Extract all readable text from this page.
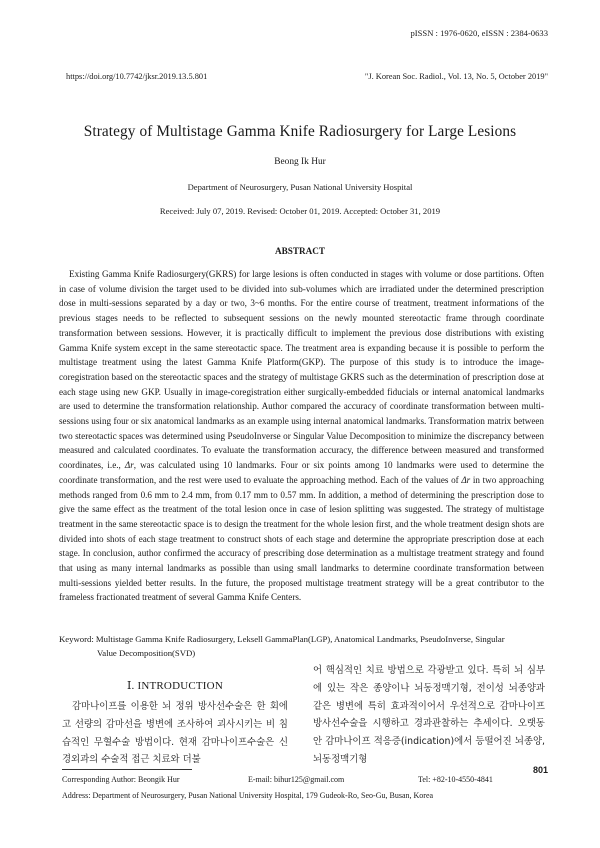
pISSN : 1976-0620, eISSN : 2384-0633
https://doi.org/10.7742/jksr.2019.13.5.801	"J. Korean Soc. Radiol., Vol. 13, No. 5, October 2019"
Strategy of Multistage Gamma Knife Radiosurgery for Large Lesions
Beong Ik Hur
Department of Neurosurgery, Pusan National University Hospital
Received: July 07, 2019. Revised: October 01, 2019. Accepted: October 31, 2019
ABSTRACT

Existing Gamma Knife Radiosurgery(GKRS) for large lesions is often conducted in stages with volume or dose partitions. Often in case of volume division the target used to be divided into sub-volumes which are irradiated under the determined prescription dose in multi-sessions separated by a day or two, 3~6 months. For the entire course of treatment, treatment informations of the previous stages needs to be reflected to subsequent sessions on the newly mounted stereotactic frame through coordinate transformation between sessions. However, it is practically difficult to implement the previous dose distributions with existing Gamma Knife system except in the same stereotactic space. The treatment area is expanding because it is possible to perform the multistage treatment using the latest Gamma Knife Platform(GKP). The purpose of this study is to introduce the image-coregistration based on the stereotactic spaces and the strategy of multistage GKRS such as the determination of prescription dose at each stage using new GKP. Usually in image-coregistration either surgically-embedded fiducials or internal anatomical landmarks are used to determine the transformation relationship. Author compared the accuracy of coordinate transformation between multi-sessions using four or six anatomical landmarks as an example using internal anatomical landmarks. Transformation matrix between two stereotactic spaces was determined using PseudoInverse or Singular Value Decomposition to minimize the discrepancy between measured and calculated coordinates. To evaluate the transformation accuracy, the difference between measured and transformed coordinates, i.e., Δr, was calculated using 10 landmarks. Four or six points among 10 landmarks were used to determine the coordinate transformation, and the rest were used to evaluate the approaching method. Each of the values of Δr in two approaching methods ranged from 0.6 mm to 2.4 mm, from 0.17 mm to 0.57 mm. In addition, a method of determining the prescription dose to give the same effect as the treatment of the total lesion once in case of lesion splitting was suggested. The strategy of multistage treatment in the same stereotactic space is to design the treatment for the whole lesion first, and the whole treatment design shots are divided into shots of each stage treatment to construct shots of each stage and determine the appropriate prescription dose at each stage. In conclusion, author confirmed the accuracy of prescribing dose determination as a multistage treatment strategy and found that using as many internal landmarks as possible than using small landmarks to determine coordinate transformation between multi-sessions yielded better results. In the future, the proposed multistage treatment strategy will be a great contributor to the frameless fractionated treatment of several Gamma Knife Centers.

Keyword: Multistage Gamma Knife Radiosurgery, Leksell GammaPlan(LGP), Anatomical Landmarks, PseudoInverse, Singular
Value Decomposition(SVD)
Ⅰ. INTRODUCTION

감마나이프를 이용한 뇌 정위 방사선수술은 한 회에 고 선량의 감마선을 병변에 조사하여 괴사시키는 비 침습적인 무혈수술 방법이다. 현재 감마나이프수술은 신경외과의 수술적 접근 치료와 더불

어 핵심적인 치료 방법으로 각광받고 있다. 특히 뇌 심부에 있는 작은 종양이나 뇌동정맥기형, 전이성 뇌종양과 같은 병변에 특히 효과적이어서 우선적으로 감마나이프 방사선수술을 시행하고 경과관찰하는 추세이다. 오랫동안 감마나이프 적응증(indication)에서 등떨어진 뇌종양, 뇌동정맥기형

801
Corresponding Author: Beongik Hur	E-mail: bihur125@gmail.com	Tel: +82-10-4550-4841
Address: Department of Neurosurgery, Pusan National University Hospital, 179 Gudeok-Ro, Seo-Gu, Busan, Korea
